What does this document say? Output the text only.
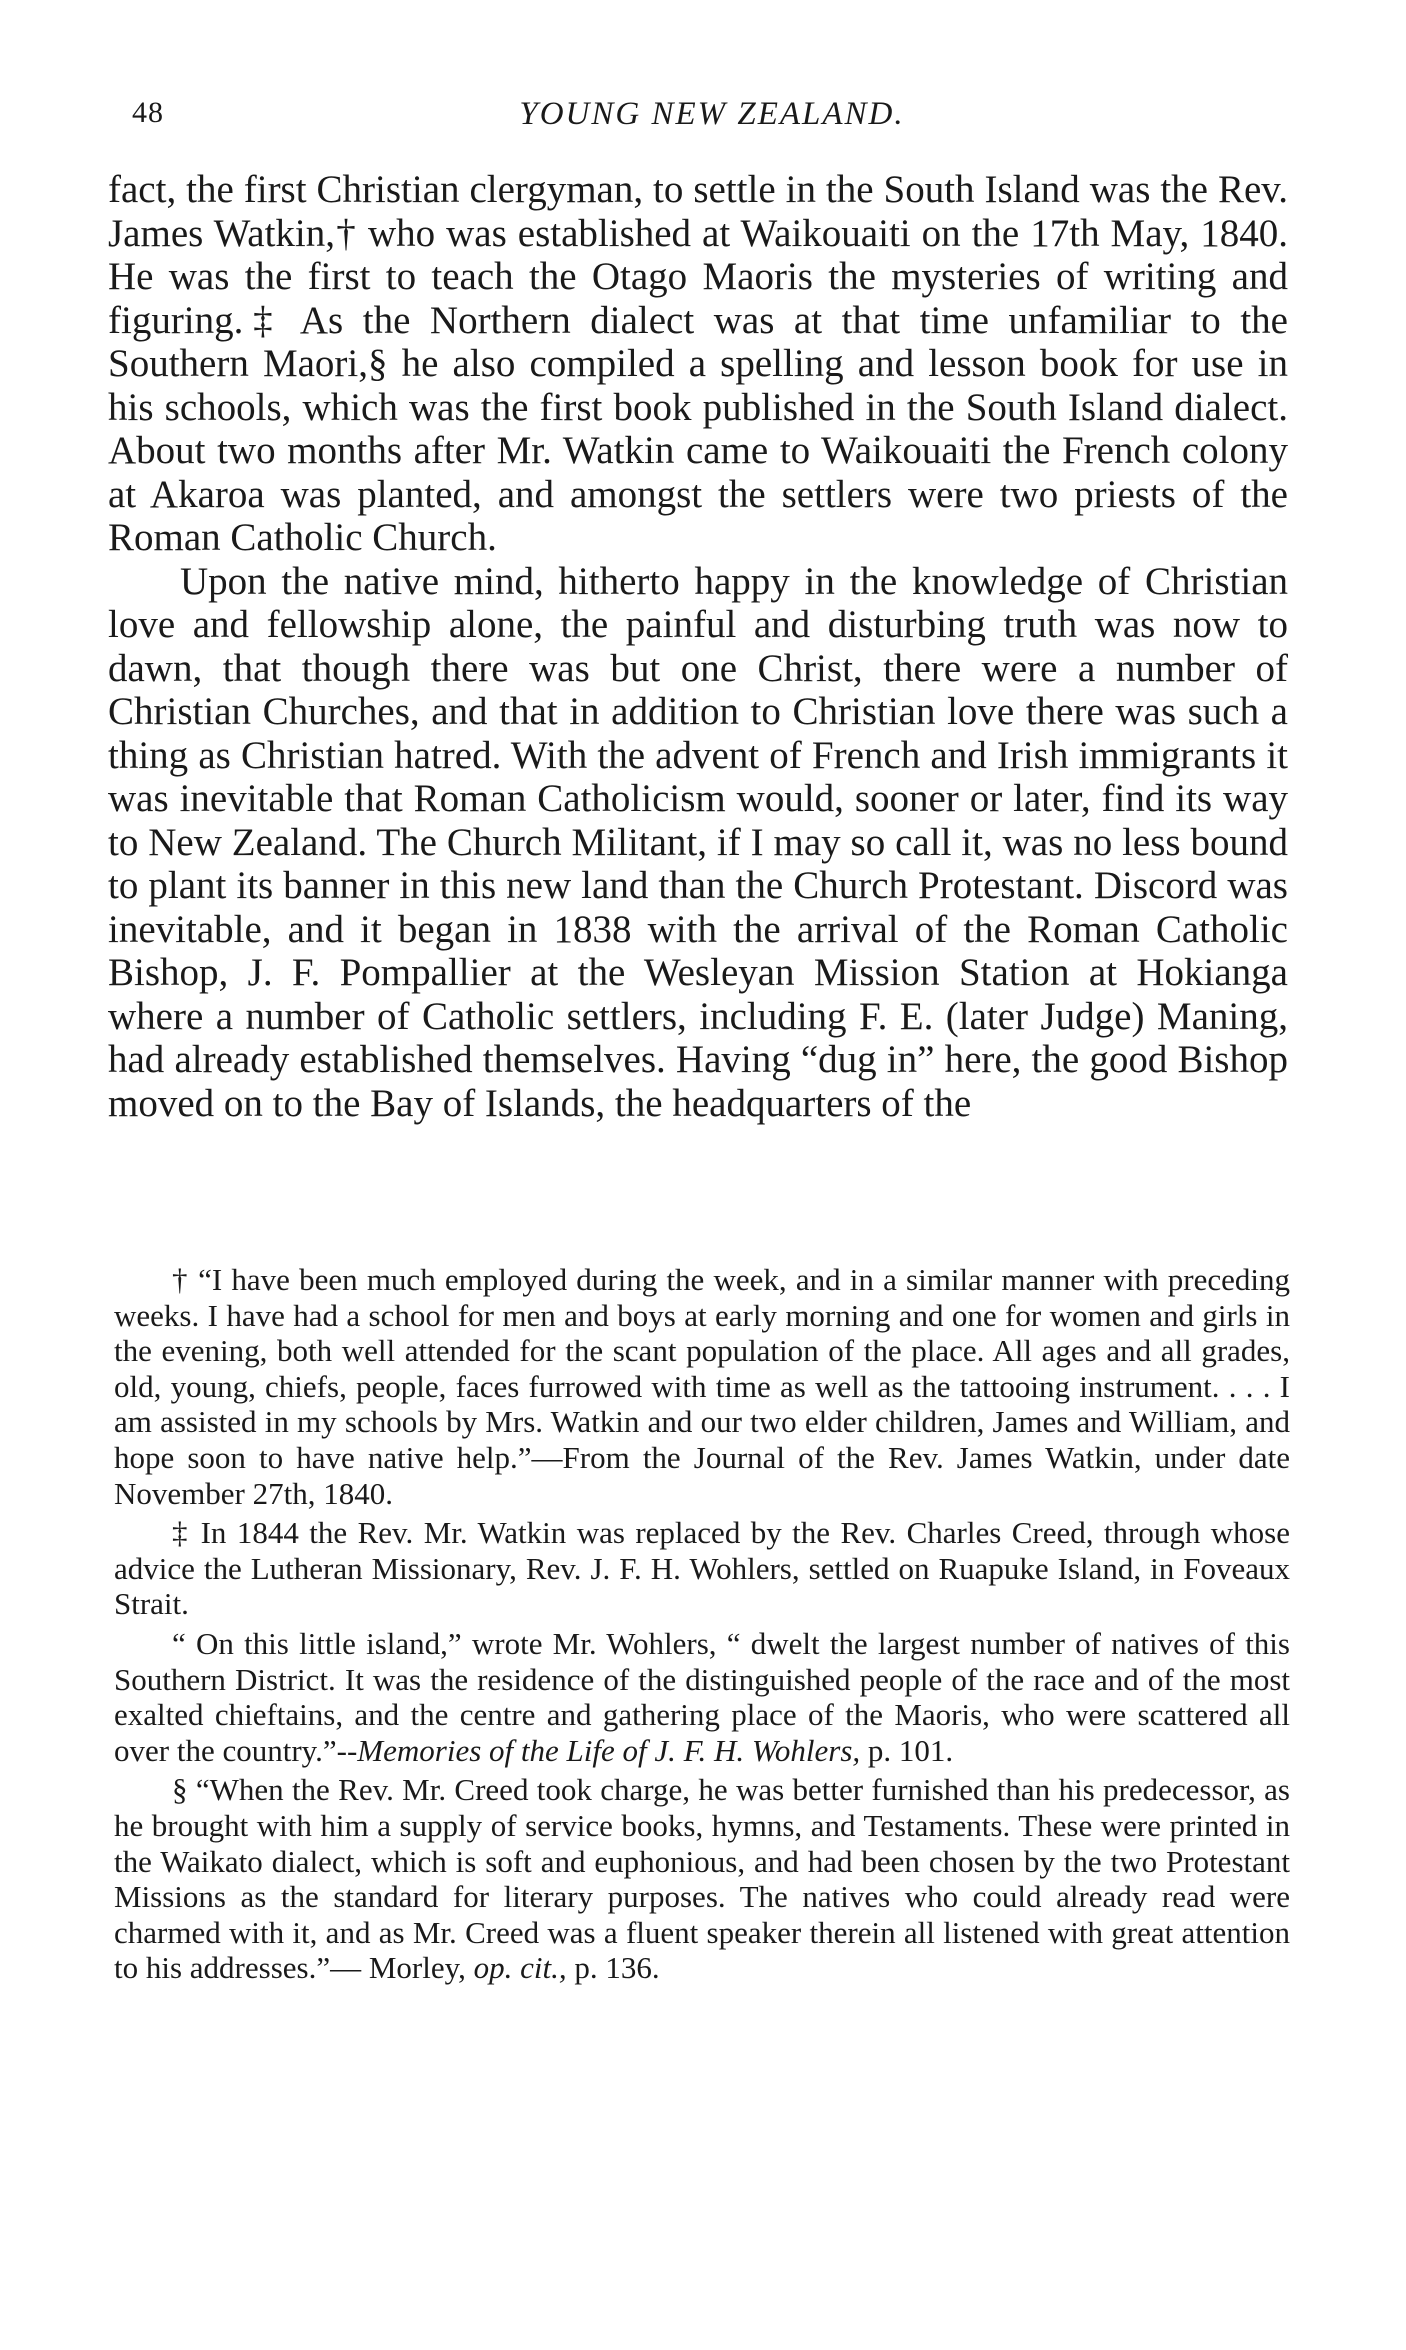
48	YOUNG NEW ZEALAND.

fact, the first Christian clergyman, to settle in the South Island was the Rev. James Watkin,† who was established at Waikouaiti on the 17th May, 1840. He was the first to teach the Otago Maoris the mysteries of writing and figuring.‡ As the Northern dialect was at that time unfamiliar to the Southern Maori,§ he also compiled a spelling and lesson book for use in his schools, which was the first book published in the South Island dialect. About two months after Mr. Watkin came to Waikouaiti the French colony at Akaroa was planted, and amongst the settlers were two priests of the Roman Catholic Church.

Upon the native mind, hitherto happy in the knowledge of Christian love and fellowship alone, the painful and disturbing truth was now to dawn, that though there was but one Christ, there were a number of Christian Churches, and that in addition to Christian love there was such a thing as Christian hatred. With the advent of French and Irish immigrants it was inevitable that Roman Catholicism would, sooner or later, find its way to New Zealand. The Church Militant, if I may so call it, was no less bound to plant its banner in this new land than the Church Protestant. Discord was inevitable, and it began in 1838 with the arrival of the Roman Catholic Bishop, J. F. Pompallier at the Wesleyan Mission Station at Hokianga where a number of Catholic settlers, including F. E. (later Judge) Maning, had already established themselves. Having “dug in” here, the good Bishop moved on to the Bay of Islands, the headquarters of the

† “I have been much employed during the week, and in a similar manner with preceding weeks. I have had a school for men and boys at early morning and one for women and girls in the evening, both well attended for the scant population of the place. All ages and all grades, old, young, chiefs, people, faces furrowed with time as well as the tattooing instrument. . . . I am assisted in my schools by Mrs. Watkin and our two elder children, James and William, and hope soon to have native help.”—From the Journal of the Rev. James Watkin, under date November 27th, 1840.

‡ In 1844 the Rev. Mr. Watkin was replaced by the Rev. Charles Creed, through whose advice the Lutheran Missionary, Rev. J. F. H. Wohlers, settled on Ruapuke Island, in Foveaux Strait.

“ On this little island,” wrote Mr. Wohlers, “ dwelt the largest number of natives of this Southern District. It was the residence of the distinguished people of the race and of the most exalted chieftains, and the centre and gathering place of the Maoris, who were scattered all over the country.”--Memories of the Life of J. F. H. Wohlers, p. 101.

§ “When the Rev. Mr. Creed took charge, he was better furnished than his predecessor, as he brought with him a supply of service books, hymns, and Testaments. These were printed in the Waikato dialect, which is soft and euphonious, and had been chosen by the two Protestant Missions as the standard for literary purposes. The natives who could already read were charmed with it, and as Mr. Creed was a fluent speaker therein all listened with great attention to his addresses.”— Morley, op. cit., p. 136.
